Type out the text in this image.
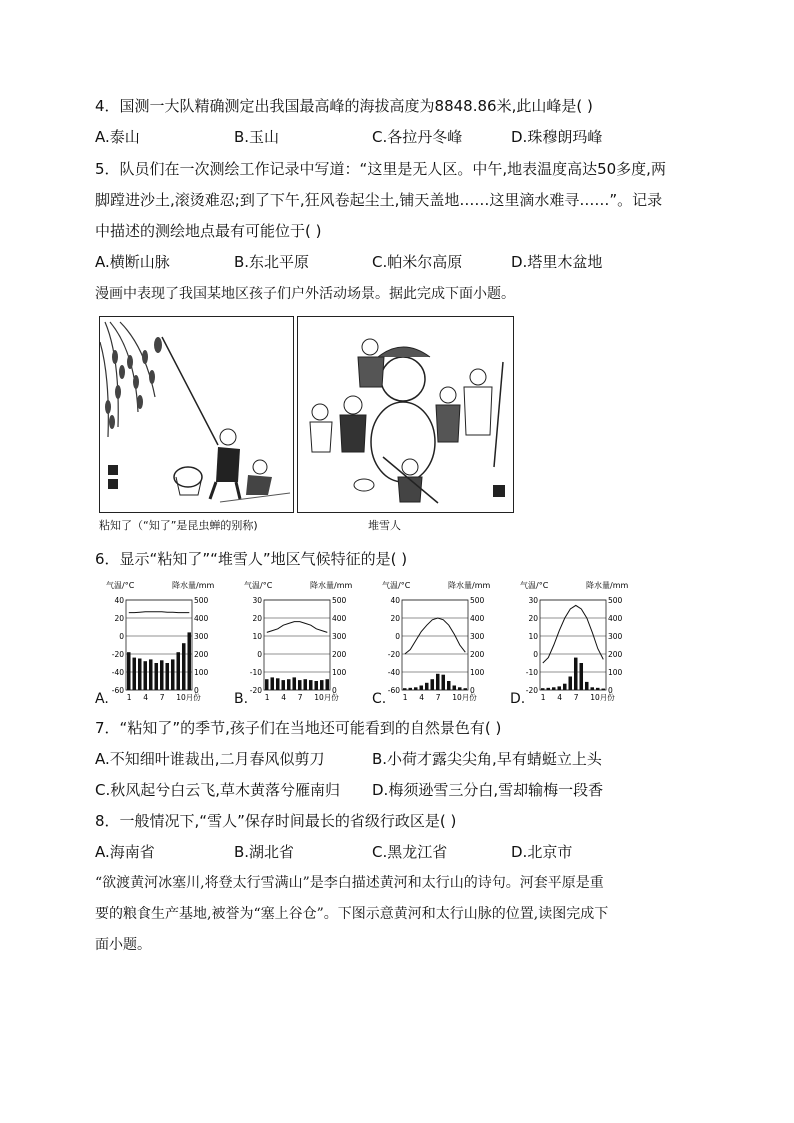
4．国测一大队精确测定出我国最高峰的海拔高度为8848.86米,此山峰是( )
A.泰山	B.玉山	C.各拉丹冬峰	D.珠穆朗玛峰
5．队员们在一次测绘工作记录中写道：“这里是无人区。中午,地表温度高达50多度,两
脚蹚进沙土,滚烫难忍;到了下午,狂风卷起尘土,铺天盖地……这里滴水难寻……”。记录
中描述的测绘地点最有可能位于( )
A.横断山脉	B.东北平原	C.帕米尔高原	D.塔里木盆地
漫画中表现了我国某地区孩子们户外活动场景。据此完成下面小题。
粘知了（“知了”是昆虫蝉的别称)	堆雪人
6．显示“粘知了”“堆雪人”地区气候特征的是( )
A.	B.	C.	D.
气温/°C	降水量/mm
40
20
0
-20
-40
-60
500
400
300
200
100
0
1 4 7 10月份
气温/°C	降水量/mm
30
20
10
0
-10
-20
500
400
300
200
100
0
1 4 7 10月份
气温/°C	降水量/mm
40
20
0
-20
-40
-60
500
400
300
200
100
0
1 4 7 10月份
气温/°C	降水量/mm
30
20
10
0
-10
-20
500
400
300
200
100
0
1 4 7 10月份
7．“粘知了”的季节,孩子们在当地还可能看到的自然景色有( )
A.不知细叶谁裁出,二月春风似剪刀	B.小荷才露尖尖角,早有蜻蜓立上头
C.秋风起兮白云飞,草木黄落兮雁南归 D.梅须逊雪三分白,雪却输梅一段香
8．一般情况下,“雪人”保存时间最长的省级行政区是( )
A.海南省	B.湖北省	C.黑龙江省	D.北京市
“欲渡黄河冰塞川,将登太行雪满山”是李白描述黄河和太行山的诗句。河套平原是重
要的粮食生产基地,被誉为“塞上谷仓”。下图示意黄河和太行山脉的位置,读图完成下
面小题。
